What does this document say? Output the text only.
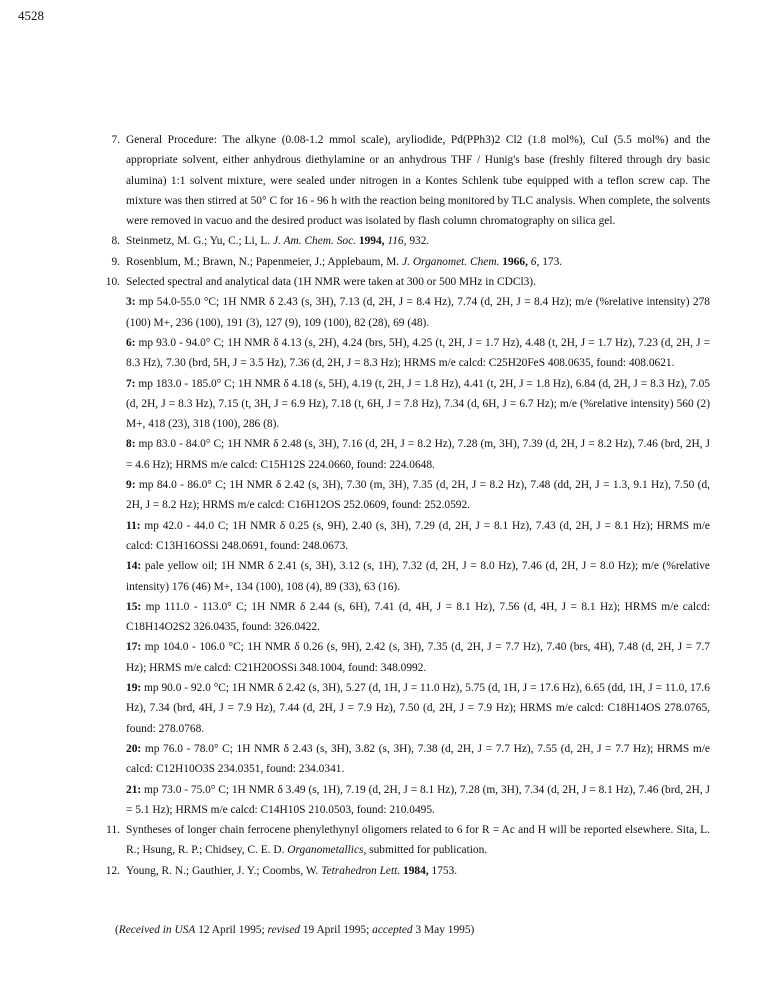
4528

7. General Procedure: The alkyne (0.08-1.2 mmol scale), aryliodide, Pd(PPh3)2 Cl2 (1.8 mol%), CuI (5.5 mol%) and the appropriate solvent, either anhydrous diethylamine or an anhydrous THF / Hunig's base (freshly filtered through dry basic alumina) 1:1 solvent mixture, were sealed under nitrogen in a Kontes Schlenk tube equipped with a teflon screw cap. The mixture was then stirred at 50° C for 16 - 96 h with the reaction being monitored by TLC analysis. When complete, the solvents were removed in vacuo and the desired product was isolated by flash column chromatography on silica gel.
8. Steinmetz, M. G.; Yu, C.; Li, L. J. Am. Chem. Soc. 1994, 116, 932.
9. Rosenblum, M.; Brawn, N.; Papenmeier, J.; Applebaum, M. J. Organomet. Chem. 1966, 6, 173.
10. Selected spectral and analytical data (1H NMR were taken at 300 or 500 MHz in CDCl3).
3: mp 54.0-55.0 °C; 1H NMR δ 2.43 (s, 3H), 7.13 (d, 2H, J = 8.4 Hz), 7.74 (d, 2H, J = 8.4 Hz); m/e (%relative intensity) 278 (100) M+, 236 (100), 191 (3), 127 (9), 109 (100), 82 (28), 69 (48).
6: mp 93.0 - 94.0° C; 1H NMR δ 4.13 (s, 2H), 4.24 (brs, 5H), 4.25 (t, 2H, J = 1.7 Hz), 4.48 (t, 2H, J = 1.7 Hz), 7.23 (d, 2H, J = 8.3 Hz), 7.30 (brd, 5H, J = 3.5 Hz), 7.36 (d, 2H, J = 8.3 Hz); HRMS m/e calcd: C25H20FeS 408.0635, found: 408.0621.
7: mp 183.0 - 185.0° C; 1H NMR δ 4.18 (s, 5H), 4.19 (t, 2H, J = 1.8 Hz), 4.41 (t, 2H, J = 1.8 Hz), 6.84 (d, 2H, J = 8.3 Hz), 7.05 (d, 2H, J = 8.3 Hz), 7.15 (t, 3H, J = 6.9 Hz), 7.18 (t, 6H, J = 7.8 Hz), 7.34 (d, 6H, J = 6.7 Hz); m/e (%relative intensity) 560 (2) M+, 418 (23), 318 (100), 286 (8).
8: mp 83.0 - 84.0° C; 1H NMR δ 2.48 (s, 3H), 7.16 (d, 2H, J = 8.2 Hz), 7.28 (m, 3H), 7.39 (d, 2H, J = 8.2 Hz), 7.46 (brd, 2H, J = 4.6 Hz); HRMS m/e calcd: C15H12S 224.0660, found: 224.0648.
9: mp 84.0 - 86.0° C; 1H NMR δ 2.42 (s, 3H), 7.30 (m, 3H), 7.35 (d, 2H, J = 8.2 Hz), 7.48 (dd, 2H, J = 1.3, 9.1 Hz), 7.50 (d, 2H, J = 8.2 Hz); HRMS m/e calcd: C16H12OS 252.0609, found: 252.0592.
11: mp 42.0 - 44.0 C; 1H NMR δ 0.25 (s, 9H), 2.40 (s, 3H), 7.29 (d, 2H, J = 8.1 Hz), 7.43 (d, 2H, J = 8.1 Hz); HRMS m/e calcd: C13H16OSSi 248.0691, found: 248.0673.
14: pale yellow oil; 1H NMR δ 2.41 (s, 3H), 3.12 (s, 1H), 7.32 (d, 2H, J = 8.0 Hz), 7.46 (d, 2H, J = 8.0 Hz); m/e (%relative intensity) 176 (46) M+, 134 (100), 108 (4), 89 (33), 63 (16).
15: mp 111.0 - 113.0° C; 1H NMR δ 2.44 (s, 6H), 7.41 (d, 4H, J = 8.1 Hz), 7.56 (d, 4H, J = 8.1 Hz); HRMS m/e calcd: C18H14O2S2 326.0435, found: 326.0422.
17: mp 104.0 - 106.0 °C; 1H NMR δ 0.26 (s, 9H), 2.42 (s, 3H), 7.35 (d, 2H, J = 7.7 Hz), 7.40 (brs, 4H), 7.48 (d, 2H, J = 7.7 Hz); HRMS m/e calcd: C21H20OSSi 348.1004, found: 348.0992.
19: mp 90.0 - 92.0 °C; 1H NMR δ 2.42 (s, 3H), 5.27 (d, 1H, J = 11.0 Hz), 5.75 (d, 1H, J = 17.6 Hz), 6.65 (dd, 1H, J = 11.0, 17.6 Hz), 7.34 (brd, 4H, J = 7.9 Hz), 7.44 (d, 2H, J = 7.9 Hz), 7.50 (d, 2H, J = 7.9 Hz); HRMS m/e calcd: C18H14OS 278.0765, found: 278.0768.
20: mp 76.0 - 78.0° C; 1H NMR δ 2.43 (s, 3H), 3.82 (s, 3H), 7.38 (d, 2H, J = 7.7 Hz), 7.55 (d, 2H, J = 7.7 Hz); HRMS m/e calcd: C12H10O3S 234.0351, found: 234.0341.
21: mp 73.0 - 75.0° C; 1H NMR δ 3.49 (s, 1H), 7.19 (d, 2H, J = 8.1 Hz), 7.28 (m, 3H), 7.34 (d, 2H, J = 8.1 Hz), 7.46 (brd, 2H, J = 5.1 Hz); HRMS m/e calcd: C14H10S 210.0503, found: 210.0495.
11. Syntheses of longer chain ferrocene phenylethynyl oligomers related to 6 for R = Ac and H will be reported elsewhere. Sita, L. R.; Hsung, R. P.; Chidsey, C. E. D. Organometallics, submitted for publication.
12. Young, R. N.; Gauthier, J. Y.; Coombs, W. Tetrahedron Lett. 1984, 1753.

(Received in USA 12 April 1995; revised 19 April 1995; accepted 3 May 1995)
